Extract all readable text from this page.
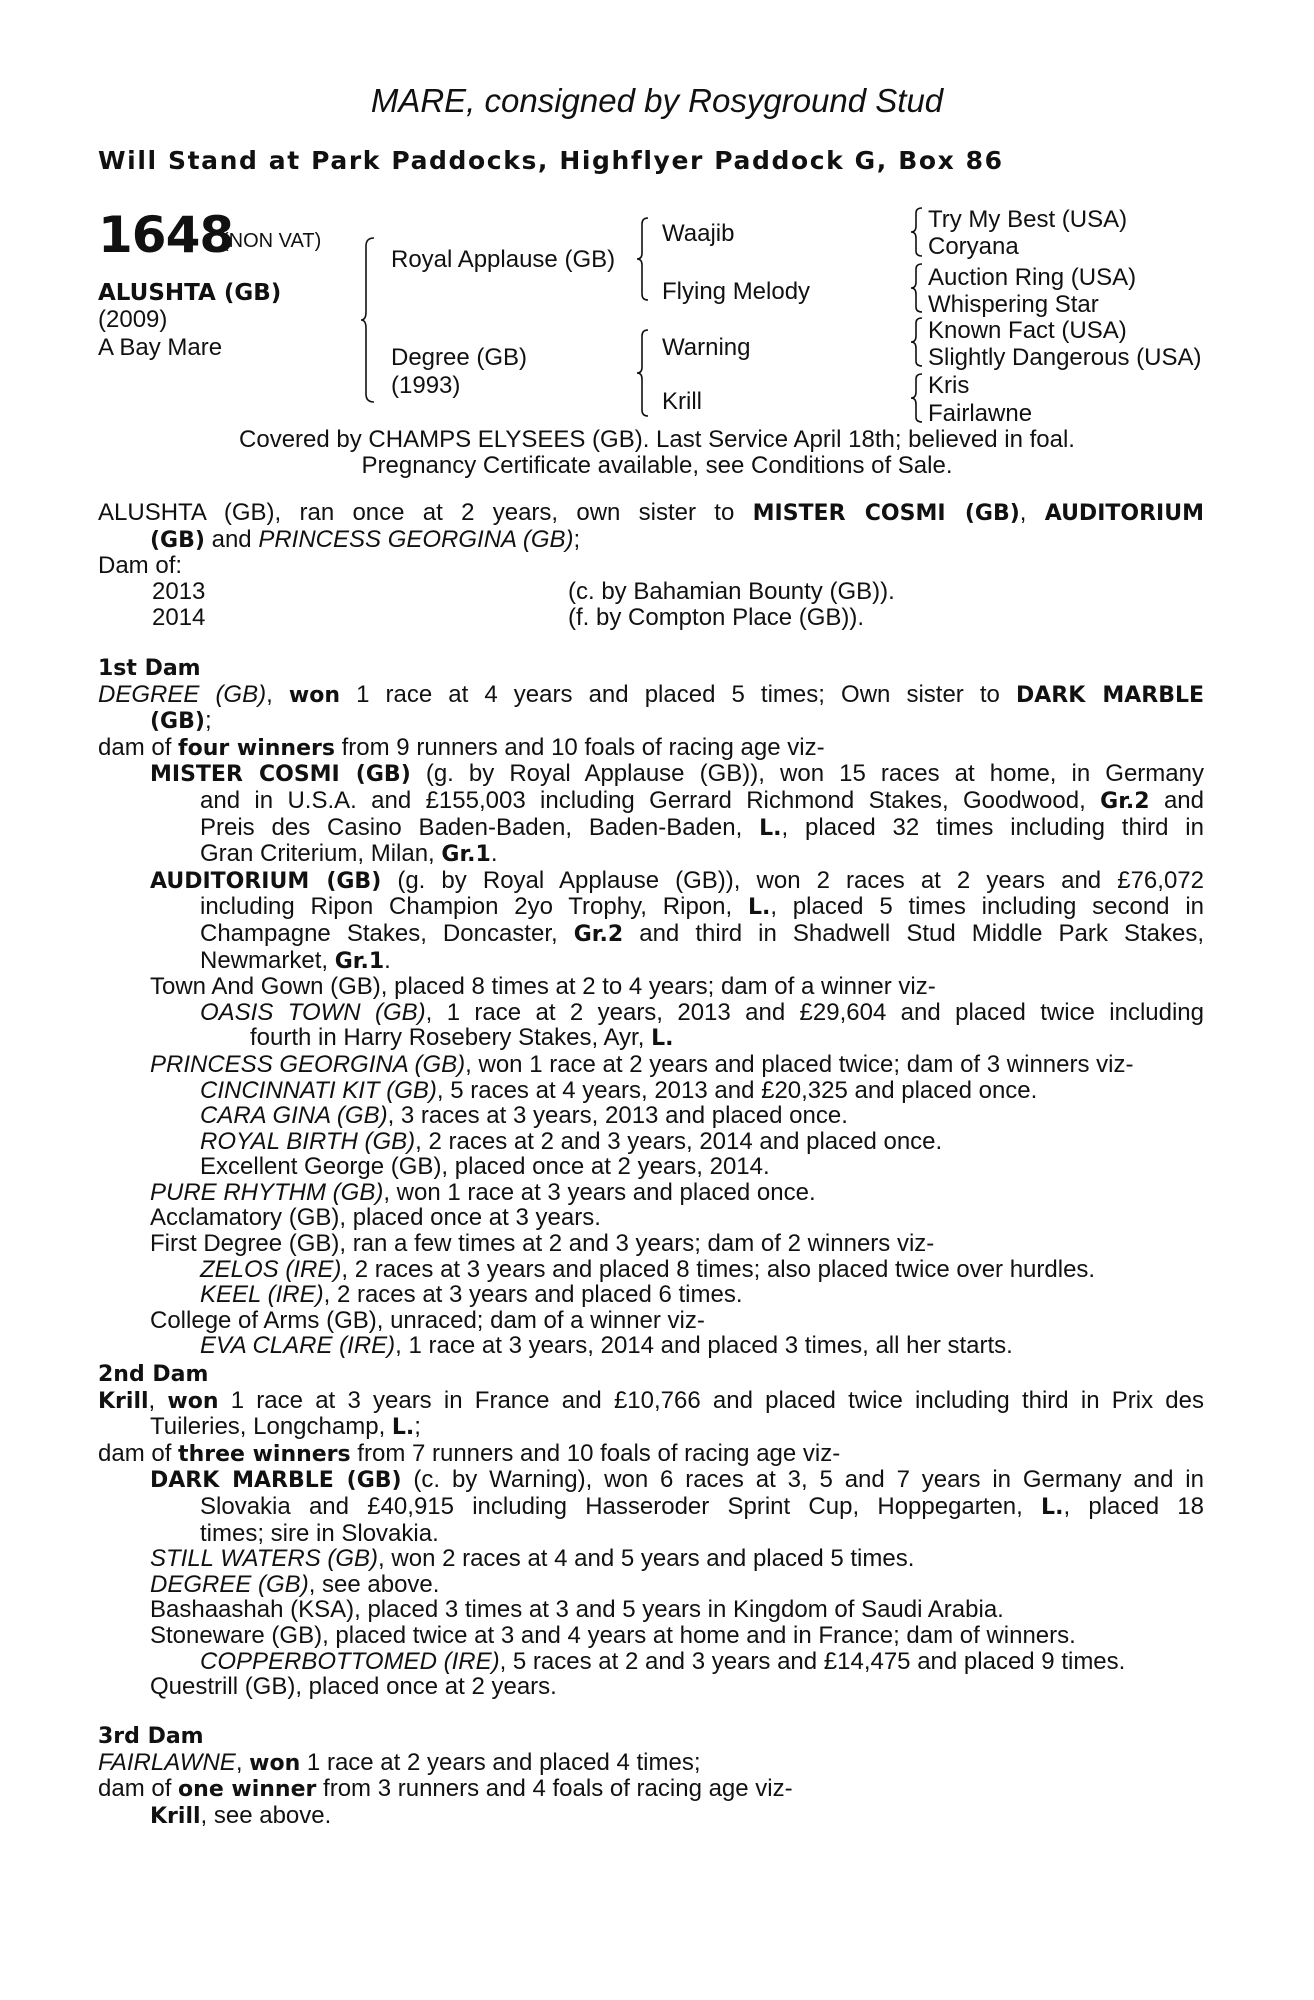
MARE, consigned by Rosyground Stud
Will Stand at Park Paddocks, Highflyer Paddock G, Box 86
1648
(NON VAT)
ALUSHTA (GB)
(2009)
A Bay Mare
Royal Applause (GB)
Degree (GB)
(1993)
Waajib
Flying Melody
Warning
Krill
Try My Best (USA)
Coryana
Auction Ring (USA)
Whispering Star
Known Fact (USA)
Slightly Dangerous (USA)
Kris
Fairlawne
Covered by CHAMPS ELYSEES (GB). Last Service April 18th; believed in foal.
Pregnancy Certificate available, see Conditions of Sale.
ALUSHTA (GB), ran once at 2 years, own sister to MISTER COSMI (GB), AUDITORIUM
(GB) and PRINCESS GEORGINA (GB);
Dam of:
2013	(c. by Bahamian Bounty (GB)).
2014	(f. by Compton Place (GB)).
1st Dam
DEGREE (GB), won 1 race at 4 years and placed 5 times; Own sister to DARK MARBLE
(GB);
dam of four winners from 9 runners and 10 foals of racing age viz-
MISTER COSMI (GB) (g. by Royal Applause (GB)), won 15 races at home, in Germany
and in U.S.A. and £155,003 including Gerrard Richmond Stakes, Goodwood, Gr.2 and
Preis des Casino Baden-Baden, Baden-Baden, L., placed 32 times including third in
Gran Criterium, Milan, Gr.1.
AUDITORIUM (GB) (g. by Royal Applause (GB)), won 2 races at 2 years and £76,072
including Ripon Champion 2yo Trophy, Ripon, L., placed 5 times including second in
Champagne Stakes, Doncaster, Gr.2 and third in Shadwell Stud Middle Park Stakes,
Newmarket, Gr.1.
Town And Gown (GB), placed 8 times at 2 to 4 years; dam of a winner viz-
OASIS TOWN (GB), 1 race at 2 years, 2013 and £29,604 and placed twice including
fourth in Harry Rosebery Stakes, Ayr, L.
PRINCESS GEORGINA (GB), won 1 race at 2 years and placed twice; dam of 3 winners viz-
CINCINNATI KIT (GB), 5 races at 4 years, 2013 and £20,325 and placed once.
CARA GINA (GB), 3 races at 3 years, 2013 and placed once.
ROYAL BIRTH (GB), 2 races at 2 and 3 years, 2014 and placed once.
Excellent George (GB), placed once at 2 years, 2014.
PURE RHYTHM (GB), won 1 race at 3 years and placed once.
Acclamatory (GB), placed once at 3 years.
First Degree (GB), ran a few times at 2 and 3 years; dam of 2 winners viz-
ZELOS (IRE), 2 races at 3 years and placed 8 times; also placed twice over hurdles.
KEEL (IRE), 2 races at 3 years and placed 6 times.
College of Arms (GB), unraced; dam of a winner viz-
EVA CLARE (IRE), 1 race at 3 years, 2014 and placed 3 times, all her starts.
2nd Dam
Krill, won 1 race at 3 years in France and £10,766 and placed twice including third in Prix des
Tuileries, Longchamp, L.;
dam of three winners from 7 runners and 10 foals of racing age viz-
DARK MARBLE (GB) (c. by Warning), won 6 races at 3, 5 and 7 years in Germany and in
Slovakia and £40,915 including Hasseroder Sprint Cup, Hoppegarten, L., placed 18
times; sire in Slovakia.
STILL WATERS (GB), won 2 races at 4 and 5 years and placed 5 times.
DEGREE (GB), see above.
Bashaashah (KSA), placed 3 times at 3 and 5 years in Kingdom of Saudi Arabia.
Stoneware (GB), placed twice at 3 and 4 years at home and in France; dam of winners.
COPPERBOTTOMED (IRE), 5 races at 2 and 3 years and £14,475 and placed 9 times.
Questrill (GB), placed once at 2 years.
3rd Dam
FAIRLAWNE, won 1 race at 2 years and placed 4 times;
dam of one winner from 3 runners and 4 foals of racing age viz-
Krill, see above.
